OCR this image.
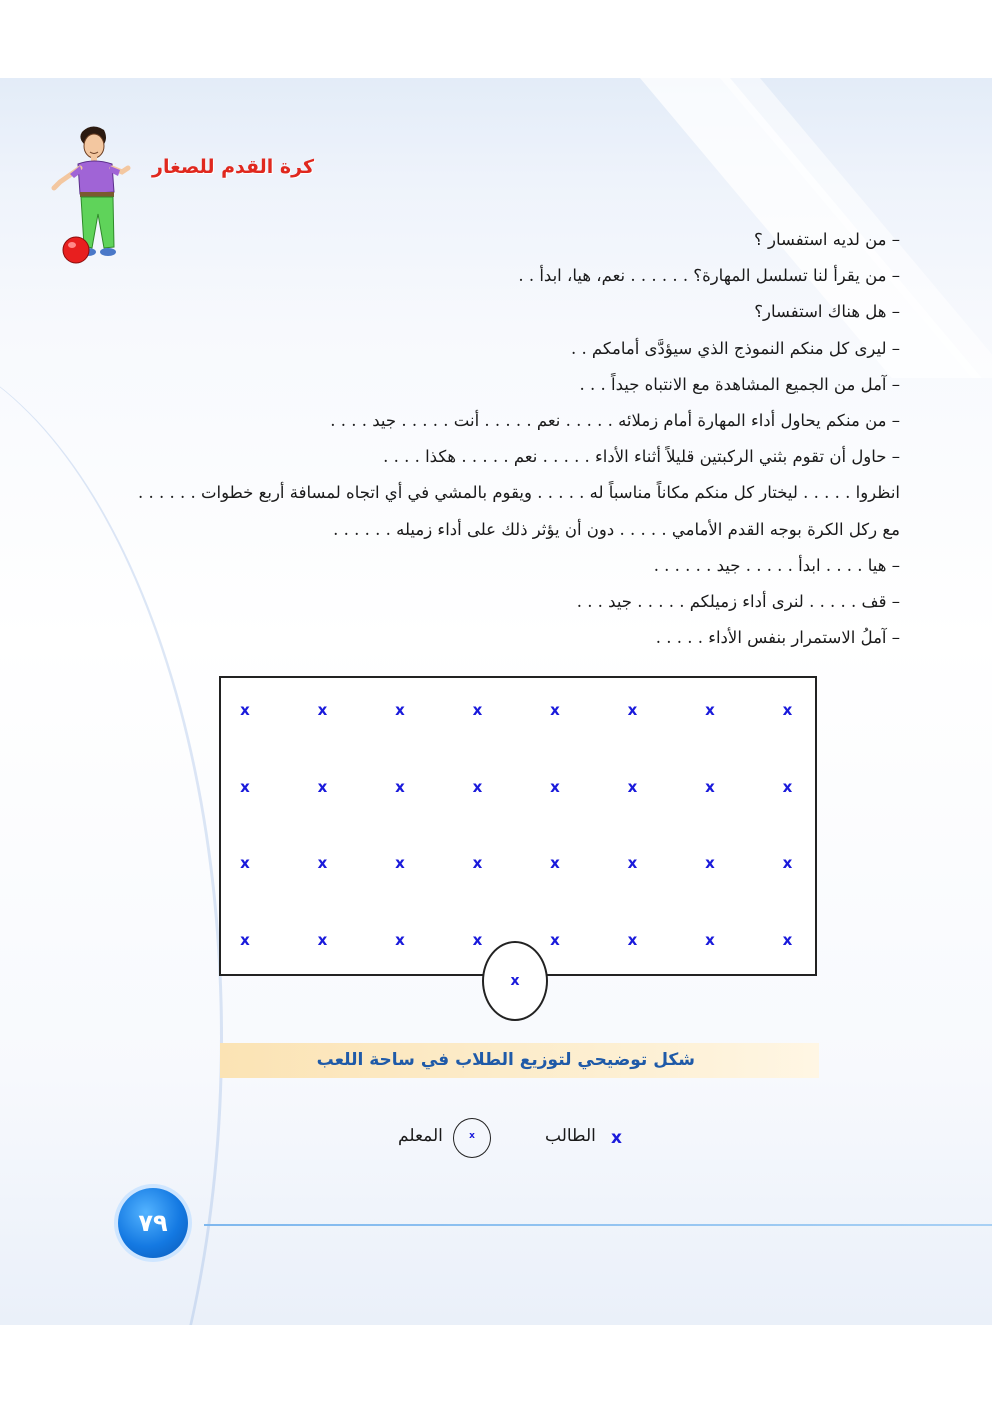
كرة القدم للصغار

– من لديه استفسار ؟

– من يقرأ لنا تسلسل المهارة؟ . . . . . . نعم، هيا، ابدأ . .

– هل هناك استفسار؟

– ليرى كل منكم النموذج الذي سيؤدَّى أمامكم . .

– آمل من الجميع المشاهدة مع الانتباه جيداً . . .

– من منكم يحاول أداء المهارة أمام زملائه . . . . . نعم . . . . . أنت . . . . . جيد . . . .

– حاول أن تقوم بثني الركبتين قليلاً أثناء الأداء . . . . . نعم . . . . . هكذا . . . .

انظروا . . . . . ليختار كل منكم مكاناً مناسباً له . . . . . ويقوم بالمشي في أي اتجاه لمسافة أربع خطوات . . . . . .

مع ركل الكرة بوجه القدم الأمامي . . . . . دون أن يؤثر ذلك على أداء زميله . . . . . .

– هيا . . . . ابدأ . . . . . جيد . . . . . .

– قف . . . . . لنرى أداء زميلكم . . . . . جيد . . .

– آملُ الاستمرار بنفس الأداء . . . . .

x	x	x	x	x	x	x	x
x	x	x	x	x	x	x	x
x	x	x	x	x	x	x	x
x	x	x	x	x	x	x	x
x
شكل توضيحي لتوزيع الطلاب في ساحة اللعب
x
الطالب
x
المعلم
٧٩
